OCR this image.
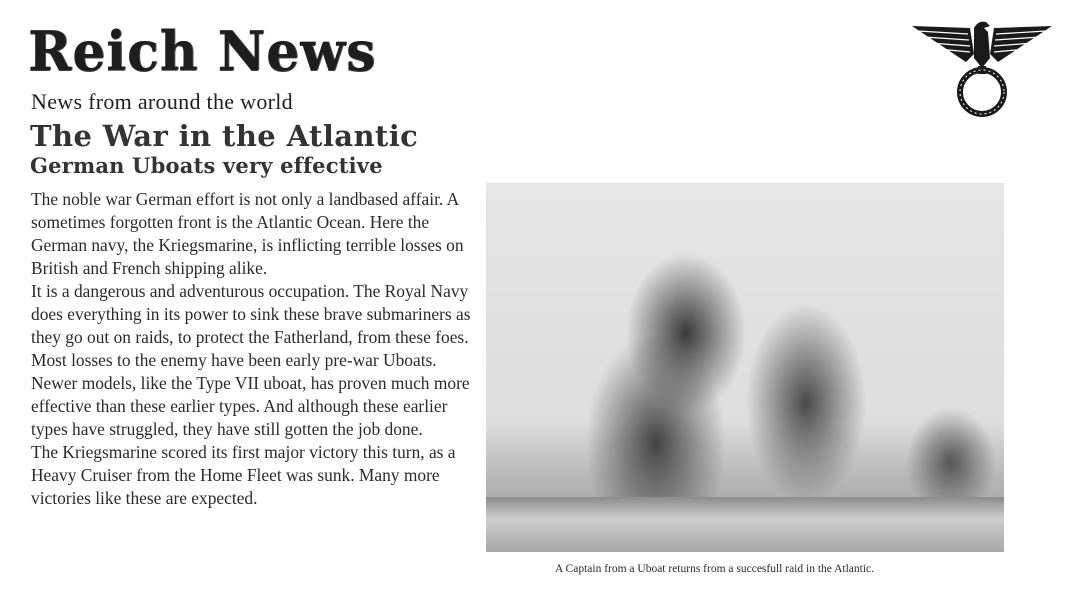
Reich News
News from around the world
The War in the Atlantic
German Uboats very effective

The noble war German effort is not only a landbased affair. A sometimes forgotten front is the Atlantic Ocean. Here the German navy, the Kriegsmarine, is inflicting terrible losses on British and French shipping alike.

It is a dangerous and adventurous occupation. The Royal Navy does everything in its power to sink these brave submariners as they go out on raids, to protect the Fatherland, from these foes.

Most losses to the enemy have been early pre-war Uboats. Newer models, like the Type VII uboat, has proven much more effective than these earlier types. And although these earlier types have struggled, they have still gotten the job done.

The Kriegsmarine scored its first major victory this turn, as a Heavy Cruiser from the Home Fleet was sunk. Many more victories like these are expected.

A Captain from a Uboat returns from a succesfull raid in the Atlantic.
